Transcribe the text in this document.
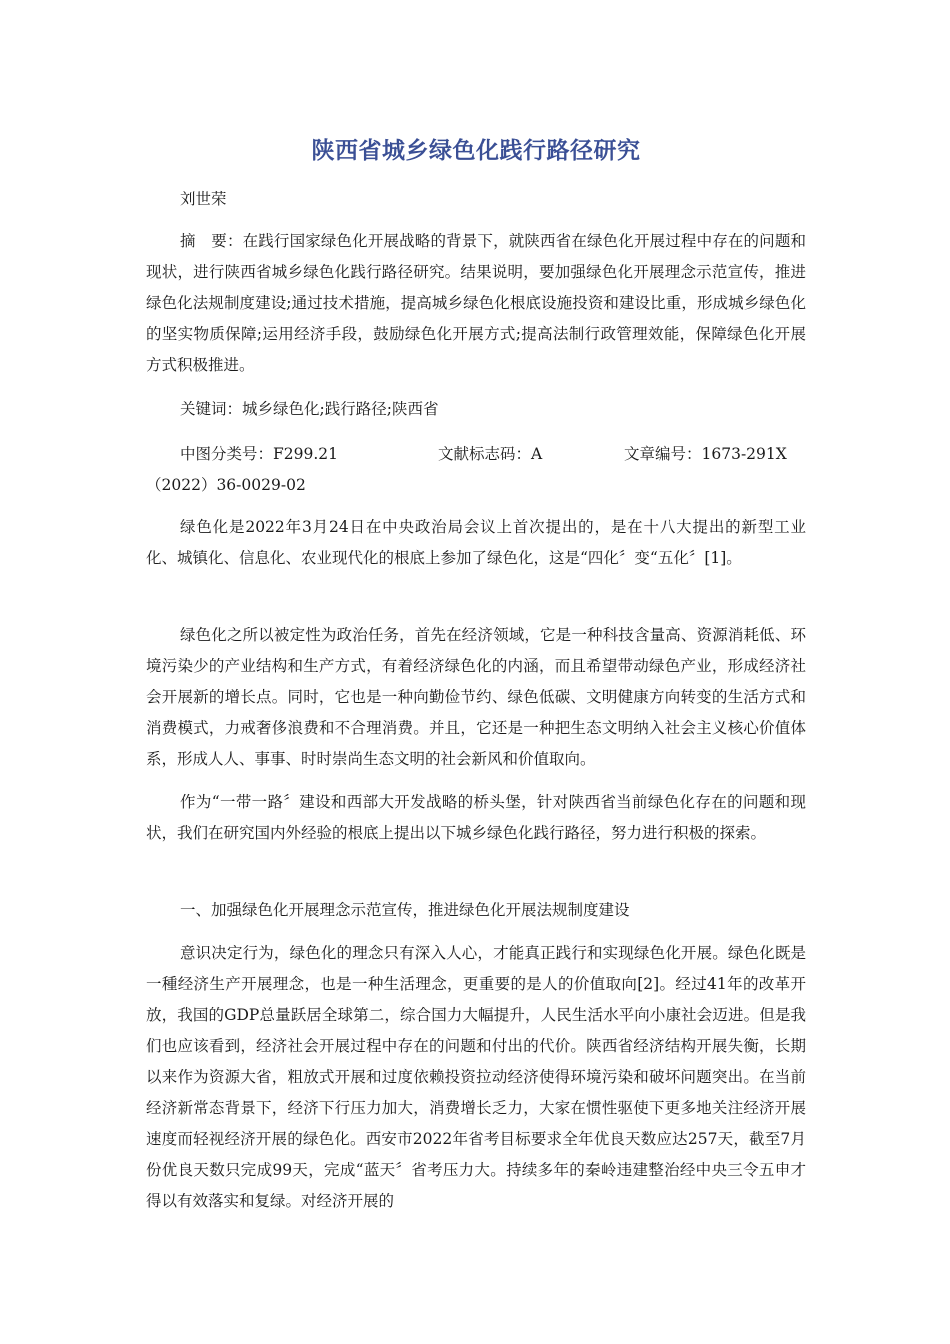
陕西省城乡绿色化践行路径研究
刘世荣

摘　要：在践行国家绿色化开展战略的背景下，就陕西省在绿色化开展过程中存在的问题和现状，进行陕西省城乡绿色化践行路径研究。结果说明，要加强绿色化开展理念示范宣传，推进绿色化法规制度建设;通过技术措施，提高城乡绿色化根底设施投资和建设比重，形成城乡绿色化的坚实物质保障;运用经济手段，鼓励绿色化开展方式;提高法制行政管理效能，保障绿色化开展方式积极推进。

关键词：城乡绿色化;践行路径;陕西省

中图分类号：F299.21	文献标志码：A	文章编号：1673-291X
（2022）36-0029-02

绿色化是2022年3月24日在中央政治局会议上首次提出的，是在十八大提出的新型工业化、城镇化、信息化、农业现代化的根底上参加了绿色化，这是“四化〞变“五化〞[1]。

绿色化之所以被定性为政治任务，首先在经济领域，它是一种科技含量高、资源消耗低、环境污染少的产业结构和生产方式，有着经济绿色化的内涵，而且希望带动绿色产业，形成经济社会开展新的增长点。同时，它也是一种向勤俭节约、绿色低碳、文明健康方向转变的生活方式和消费模式，力戒奢侈浪费和不合理消费。并且，它还是一种把生态文明纳入社会主义核心价值体系，形成人人、事事、时时崇尚生态文明的社会新风和价值取向。

作为“一带一路〞建设和西部大开发战略的桥头堡，针对陕西省当前绿色化存在的问题和现状，我们在研究国内外经验的根底上提出以下城乡绿色化践行路径，努力进行积极的探索。

一、加强绿色化开展理念示范宣传，推进绿色化开展法规制度建设

意识决定行为，绿色化的理念只有深入人心，才能真正践行和实现绿色化开展。绿色化既是一種经济生产开展理念，也是一种生活理念，更重要的是人的价值取向[2]。经过41年的改革开放，我国的GDP总量跃居全球第二，综合国力大幅提升，人民生活水平向小康社会迈进。但是我们也应该看到，经济社会开展过程中存在的问题和付出的代价。陕西省经济结构开展失衡，长期以来作为资源大省，粗放式开展和过度依赖投资拉动经济使得环境污染和破坏问题突出。在当前经济新常态背景下，经济下行压力加大，消费增长乏力，大家在惯性驱使下更多地关注经济开展速度而轻视经济开展的绿色化。西安市2022年省考目标要求全年优良天数应达257天，截至7月份优良天数只完成99天，完成“蓝天〞省考压力大。持续多年的秦岭违建整治经中央三令五申才得以有效落实和复绿。对经济开展的
